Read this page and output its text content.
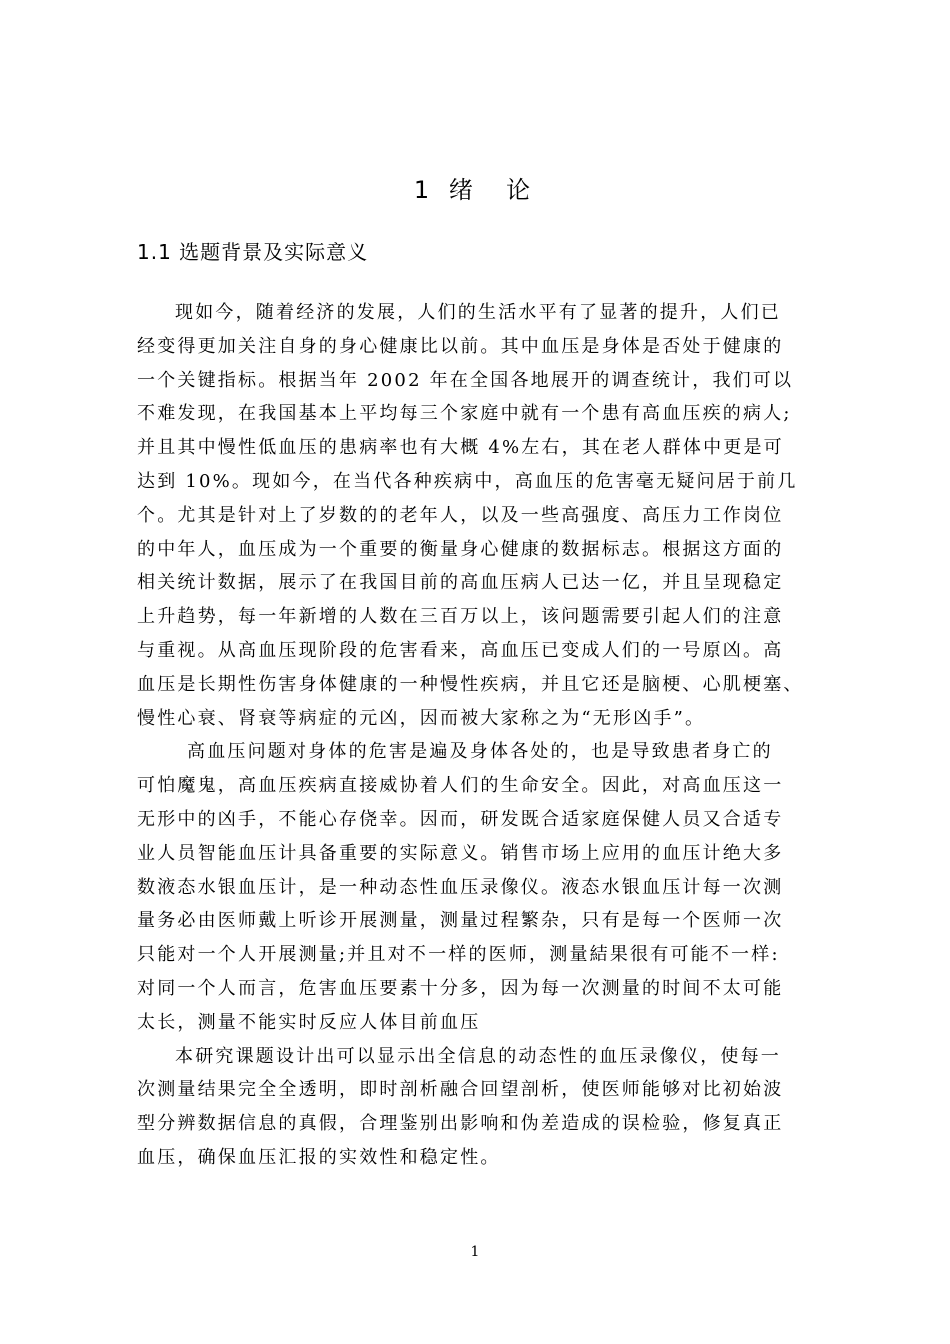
1 绪  论
1.1 选题背景及实际意义
现如今，随着经济的发展，人们的生活水平有了显著的提升，人们已
经变得更加关注自身的身心健康比以前。其中血压是身体是否处于健康的
一个关键指标。根据当年 2002 年在全国各地展开的调查统计，我们可以
不难发现，在我国基本上平均每三个家庭中就有一个患有高血压疾的病人;
并且其中慢性低血压的患病率也有大概 4%左右，其在老人群体中更是可
达到 10%。现如今，在当代各种疾病中，高血压的危害毫无疑问居于前几
个。尤其是针对上了岁数的的老年人，以及一些高强度、高压力工作岗位
的中年人，血压成为一个重要的衡量身心健康的数据标志。根据这方面的
相关统计数据，展示了在我国目前的高血压病人已达一亿，并且呈现稳定
上升趋势，每一年新增的人数在三百万以上，该问题需要引起人们的注意
与重视。从高血压现阶段的危害看来，高血压已变成人们的一号原凶。高
血压是长期性伤害身体健康的一种慢性疾病，并且它还是脑梗、心肌梗塞、
慢性心衰、肾衰等病症的元凶，因而被大家称之为“无形凶手”。
高血压问题对身体的危害是遍及身体各处的，也是导致患者身亡的
可怕魔鬼，高血压疾病直接威协着人们的生命安全。因此，对高血压这一
无形中的凶手，不能心存侥幸。因而，研发既合适家庭保健人员又合适专
业人员智能血压计具备重要的实际意义。销售市场上应用的血压计绝大多
数液态水银血压计，是一种动态性血压录像仪。液态水银血压计每一次测
量务必由医师戴上听诊开展测量，测量过程繁杂，只有是每一个医师一次
只能对一个人开展测量;并且对不一样的医师，测量結果很有可能不一样:
对同一个人而言，危害血压要素十分多，因为每一次测量的时间不太可能
太长，测量不能实时反应人体目前血压
本研究课题设计出可以显示出全信息的动态性的血压录像仪，使每一
次测量结果完全全透明，即时剖析融合回望剖析，使医师能够对比初始波
型分辨数据信息的真假，合理鉴别出影响和伪差造成的误检验，修复真正
血压，确保血压汇报的实效性和稳定性。
1
